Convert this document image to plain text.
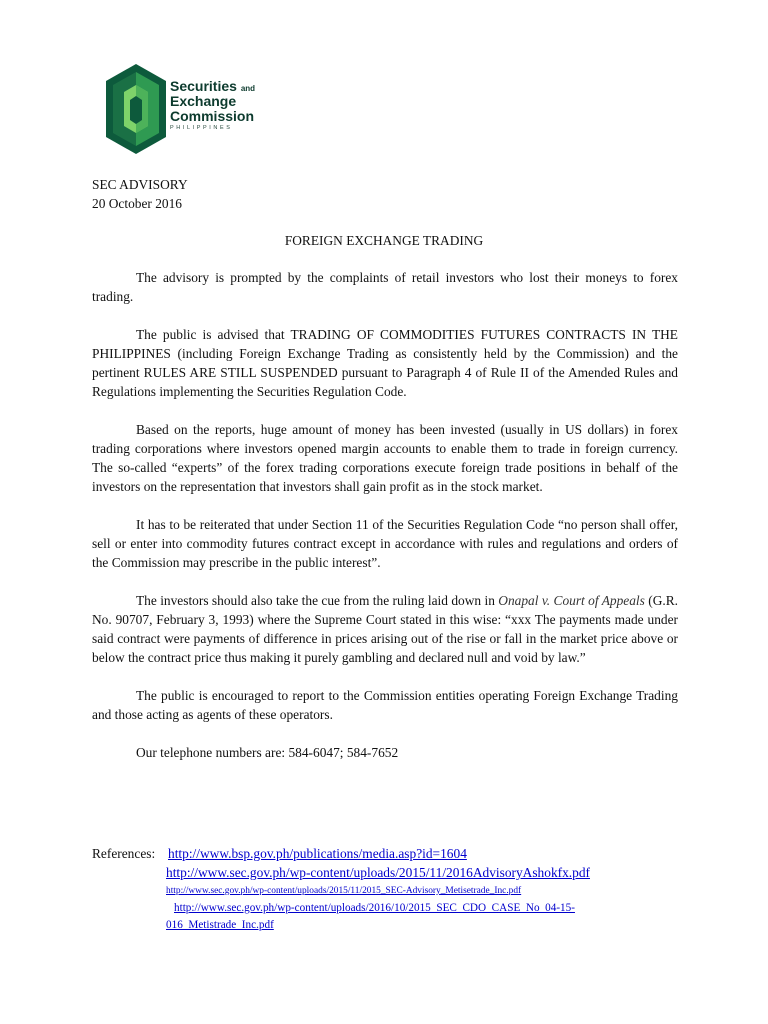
Securities and
Exchange
Commission
PHILIPPINES
SEC ADVISORY
20 October 2016
FOREIGN EXCHANGE TRADING

The advisory is prompted by the complaints of retail investors who lost their moneys to forex trading.

The public is advised that TRADING OF COMMODITIES FUTURES CONTRACTS IN THE PHILIPPINES (including Foreign Exchange Trading as consistently held by the Commission) and the pertinent RULES ARE STILL SUSPENDED pursuant to Paragraph 4 of Rule II of the Amended Rules and Regulations implementing the Securities Regulation Code.

Based on the reports, huge amount of money has been invested (usually in US dollars) in forex trading corporations where investors opened margin accounts to enable them to trade in foreign currency. The so-called “experts” of the forex trading corporations execute foreign trade positions in behalf of the investors on the representation that investors shall gain profit as in the stock market.

It has to be reiterated that under Section 11 of the Securities Regulation Code “no person shall offer, sell or enter into commodity futures contract except in accordance with rules and regulations and orders of the Commission may prescribe in the public interest”.

The investors should also take the cue from the ruling laid down in Onapal v. Court of Appeals (G.R. No. 90707, February 3, 1993) where the Supreme Court stated in this wise: “xxx The payments made under said contract were payments of difference in prices arising out of the rise or fall in the market price above or below the contract price thus making it purely gambling and declared null and void by law.”

The public is encouraged to report to the Commission entities operating Foreign Exchange Trading and those acting as agents of these operators.

Our telephone numbers are: 584-6047; 584-7652

References: http://www.bsp.gov.ph/publications/media.asp?id=1604
http://www.sec.gov.ph/wp-content/uploads/2015/11/2016AdvisoryAshokfx.pdf
http://www.sec.gov.ph/wp-content/uploads/2015/11/2015_SEC-Advisory_Metisetrade_Inc.pdf
http://www.sec.gov.ph/wp-content/uploads/2016/10/2015_SEC_CDO_CASE_No_04-15-
016_Metistrade_Inc.pdf
